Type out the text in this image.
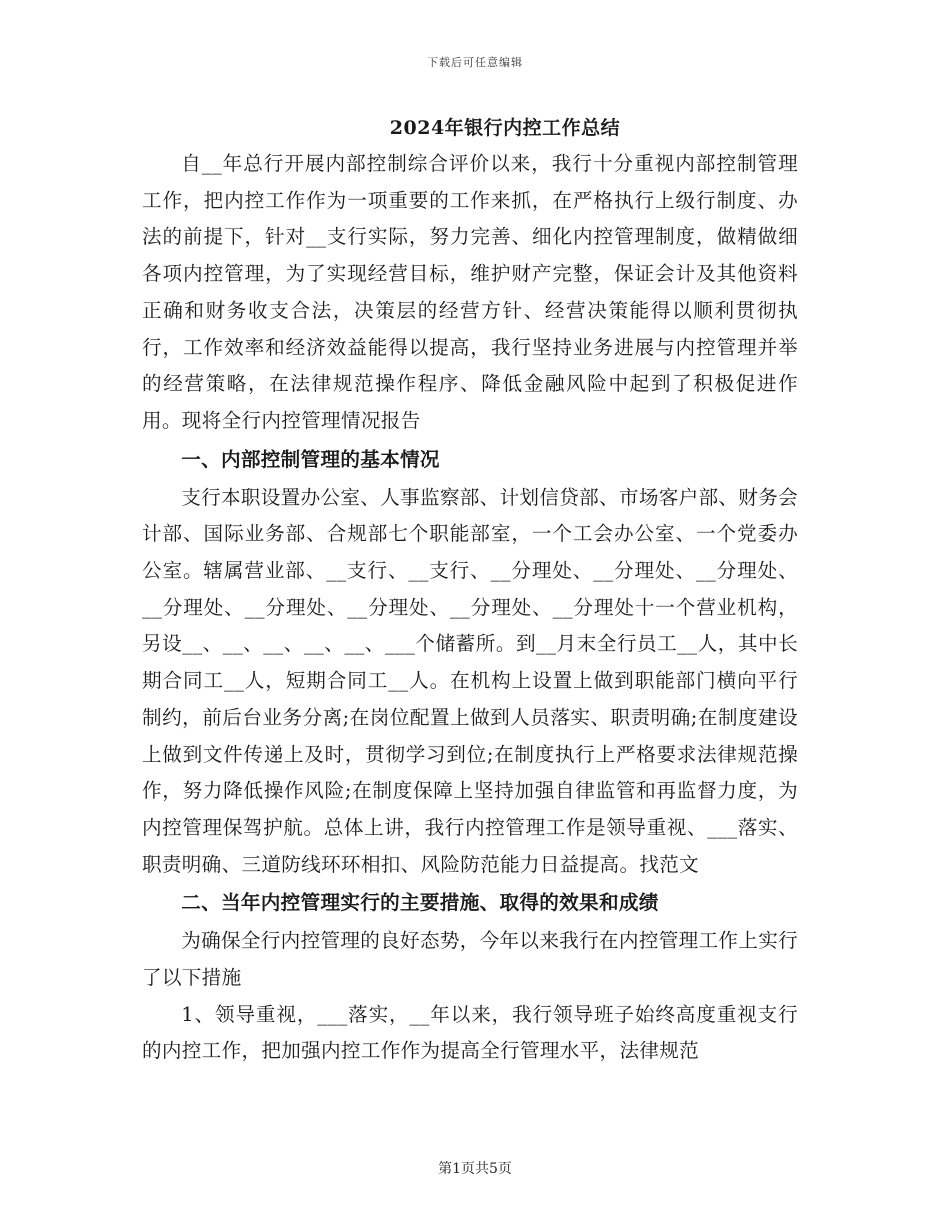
下载后可任意编辑
2024年银行内控工作总结

自__年总行开展内部控制综合评价以来，我行十分重视内部控制管理工作，把内控工作作为一项重要的工作来抓，在严格执行上级行制度、办法的前提下，针对__支行实际，努力完善、细化内控管理制度，做精做细各项内控管理，为了实现经营目标，维护财产完整，保证会计及其他资料正确和财务收支合法，决策层的经营方针、经营决策能得以顺利贯彻执行，工作效率和经济效益能得以提高，我行坚持业务进展与内控管理并举的经营策略，在法律规范操作程序、降低金融风险中起到了积极促进作用。现将全行内控管理情况报告

一、内部控制管理的基本情况

支行本职设置办公室、人事监察部、计划信贷部、市场客户部、财务会计部、国际业务部、合规部七个职能部室，一个工会办公室、一个党委办公室。辖属营业部、__支行、__支行、__分理处、__分理处、__分理处、__分理处、__分理处、__分理处、__分理处、__分理处十一个营业机构，另设__、__、__、__、__、___个储蓄所。到__月末全行员工__人，其中长期合同工__人，短期合同工__人。在机构上设置上做到职能部门横向平行制约，前后台业务分离;在岗位配置上做到人员落实、职责明确;在制度建设上做到文件传递上及时，贯彻学习到位;在制度执行上严格要求法律规范操作，努力降低操作风险;在制度保障上坚持加强自律监管和再监督力度，为内控管理保驾护航。总体上讲，我行内控管理工作是领导重视、___落实、职责明确、三道防线环环相扣、风险防范能力日益提高。找范文

二、当年内控管理实行的主要措施、取得的效果和成绩

为确保全行内控管理的良好态势，今年以来我行在内控管理工作上实行了以下措施

1、领导重视，___落实，__年以来，我行领导班子始终高度重视支行的内控工作，把加强内控工作作为提高全行管理水平，法律规范

第1页共5页
